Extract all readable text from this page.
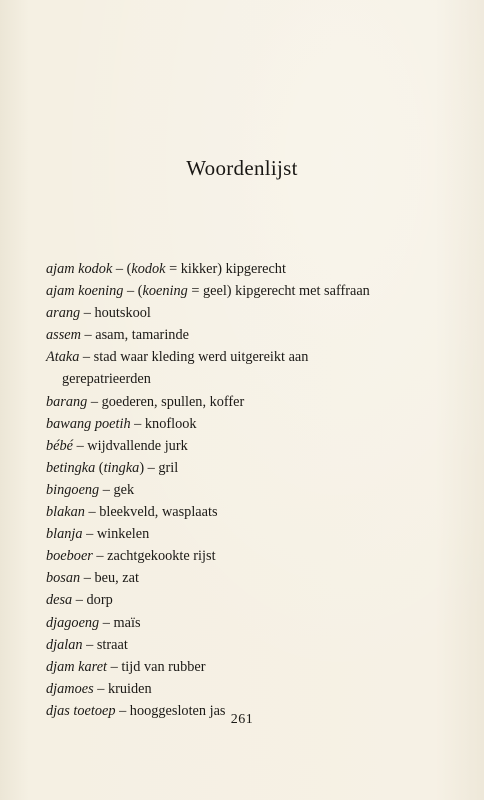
Woordenlijst
ajam kodok – (kodok = kikker) kipgerecht
ajam koening – (koening = geel) kipgerecht met saffraan
arang – houtskool
assem – asam, tamarinde
Ataka – stad waar kleding werd uitgereikt aan
gerepatrieerden
barang – goederen, spullen, koffer
bawang poetih – knoflook
bébé – wijdvallende jurk
betingka (tingka) – gril
bingoeng – gek
blakan – bleekveld, wasplaats
blanja – winkelen
boeboer – zachtgekookte rijst
bosan – beu, zat
desa – dorp
djagoeng – maïs
djalan – straat
djam karet – tijd van rubber
djamoes – kruiden
djas toetoep – hooggesloten jas
261
